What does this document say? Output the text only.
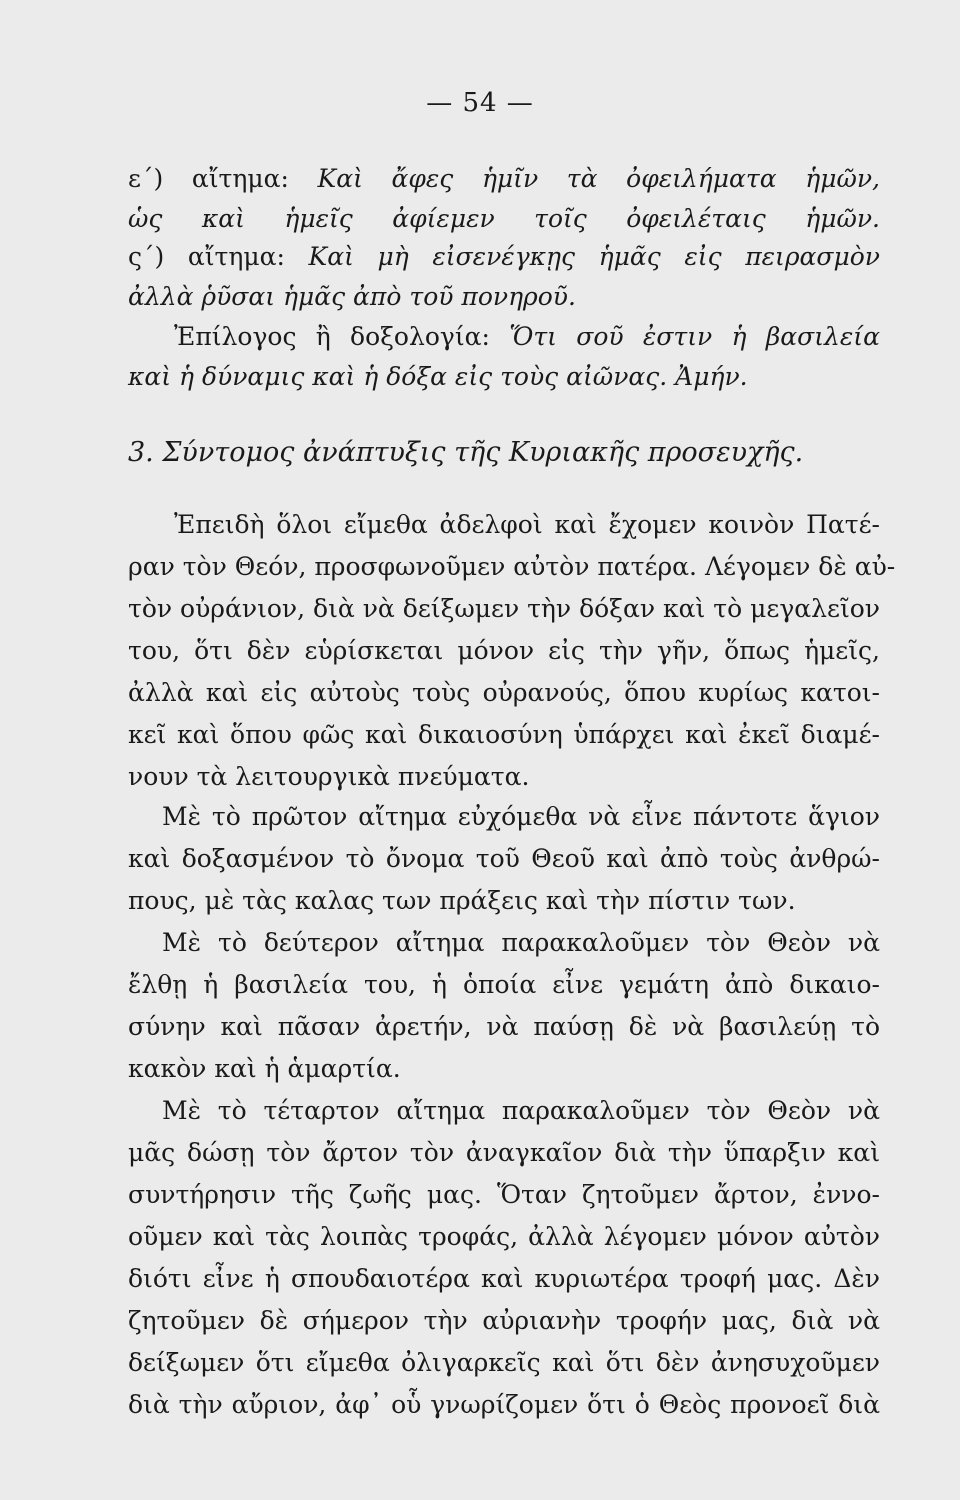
— 54 —
ε΄) αἴτημα: Καὶ ἄφες ἡμῖν τὰ ὀφειλήματα ἡμῶν,
ὡς καὶ ἡμεῖς ἀφίεμεν τοῖς ὀφειλέταις ἡμῶν.
ς΄) αἴτημα: Καὶ μὴ εἰσενέγκῃς ἡμᾶς εἰς πειρασμὸν
ἀλλὰ ῥῦσαι ἡμᾶς ἀπὸ τοῦ πονηροῦ.
Ἐπίλογος ἢ δοξολογία: Ὅτι σοῦ ἐστιν ἡ βασιλεία
καὶ ἡ δύναμις καὶ ἡ δόξα εἰς τοὺς αἰῶνας. Ἀμήν.
3. Σύντομος ἀνάπτυξις τῆς Κυριακῆς προσευχῆς.
Ἐπειδὴ ὅλοι εἴμεθα ἀδελφοὶ καὶ ἔχομεν κοινὸν Πατέ-
ραν τὸν Θεόν, προσφωνοῦμεν αὐτὸν πατέρα. Λέγομεν δὲ αὐ-
τὸν οὐράνιον, διὰ νὰ δείξωμεν τὴν δόξαν καὶ τὸ μεγαλεῖον
του, ὅτι δὲν εὑρίσκεται μόνον εἰς τὴν γῆν, ὅπως ἡμεῖς,
ἀλλὰ καὶ εἰς αὐτοὺς τοὺς οὐρανούς, ὅπου κυρίως κατοι-
κεῖ καὶ ὅπου φῶς καὶ δικαιοσύνη ὑπάρχει καὶ ἐκεῖ διαμέ-
νουν τὰ λειτουργικὰ πνεύματα.
Μὲ τὸ πρῶτον αἴτημα εὐχόμεθα νὰ εἶνε πάντοτε ἅγιον
καὶ δοξασμένον τὸ ὄνομα τοῦ Θεοῦ καὶ ἀπὸ τοὺς ἀνθρώ-
πους, μὲ τὰς καλας των πράξεις καὶ τὴν πίστιν των.
Μὲ τὸ δεύτερον αἴτημα παρακαλοῦμεν τὸν Θεὸν νὰ
ἔλθῃ ἡ βασιλεία του, ἡ ὁποία εἶνε γεμάτη ἀπὸ δικαιο-
σύνην καὶ πᾶσαν ἀρετήν, νὰ παύσῃ δὲ νὰ βασιλεύῃ τὸ
κακὸν καὶ ἡ ἁμαρτία.
Μὲ τὸ τέταρτον αἴτημα παρακαλοῦμεν τὸν Θεὸν νὰ
μᾶς δώσῃ τὸν ἄρτον τὸν ἀναγκαῖον διὰ τὴν ὕπαρξιν καὶ
συντήρησιν τῆς ζωῆς μας. Ὅταν ζητοῦμεν ἄρτον, ἐννο-
οῦμεν καὶ τὰς λοιπὰς τροφάς, ἀλλὰ λέγομεν μόνον αὐτὸν
διότι εἶνε ἡ σπουδαιοτέρα καὶ κυριωτέρα τροφή μας. Δὲν
ζητοῦμεν δὲ σήμερον τὴν αὐριανὴν τροφήν μας, διὰ νὰ
δείξωμεν ὅτι εἴμεθα ὀλιγαρκεῖς καὶ ὅτι δὲν ἀνησυχοῦμεν
διὰ τὴν αὔριον, ἀφ᾽ οὗ γνωρίζομεν ὅτι ὁ Θεὸς προνοεῖ διὰ
